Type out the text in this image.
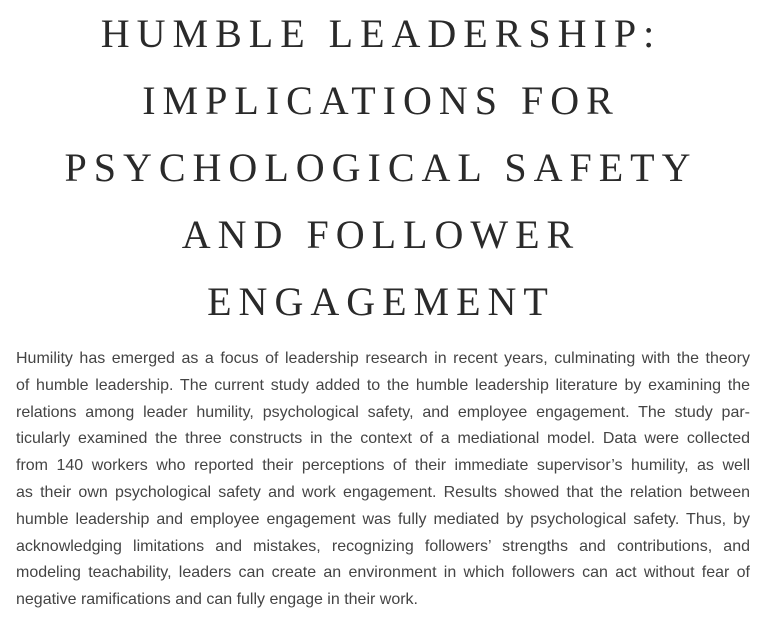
HUMBLE LEADERSHIP:
IMPLICATIONS FOR
PSYCHOLOGICAL SAFETY
AND FOLLOWER
ENGAGEMENT

Humility has emerged as a focus of leadership research in recent years, culminating with the theory
of humble leadership. The current study added to the humble leadership literature by examining the
relations among leader humility, psychological safety, and employee engagement. The study par-
ticularly examined the three constructs in the context of a mediational model. Data were collected
from 140 workers who reported their perceptions of their immediate supervisor’s humility, as well
as their own psychological safety and work engagement. Results showed that the relation between
humble leadership and employee engagement was fully mediated by psychological safety. Thus, by
acknowledging limitations and mistakes, recognizing followers’ strengths and contributions, and
modeling teachability, leaders can create an environment in which followers can act without fear of
negative ramifications and can fully engage in their work.
